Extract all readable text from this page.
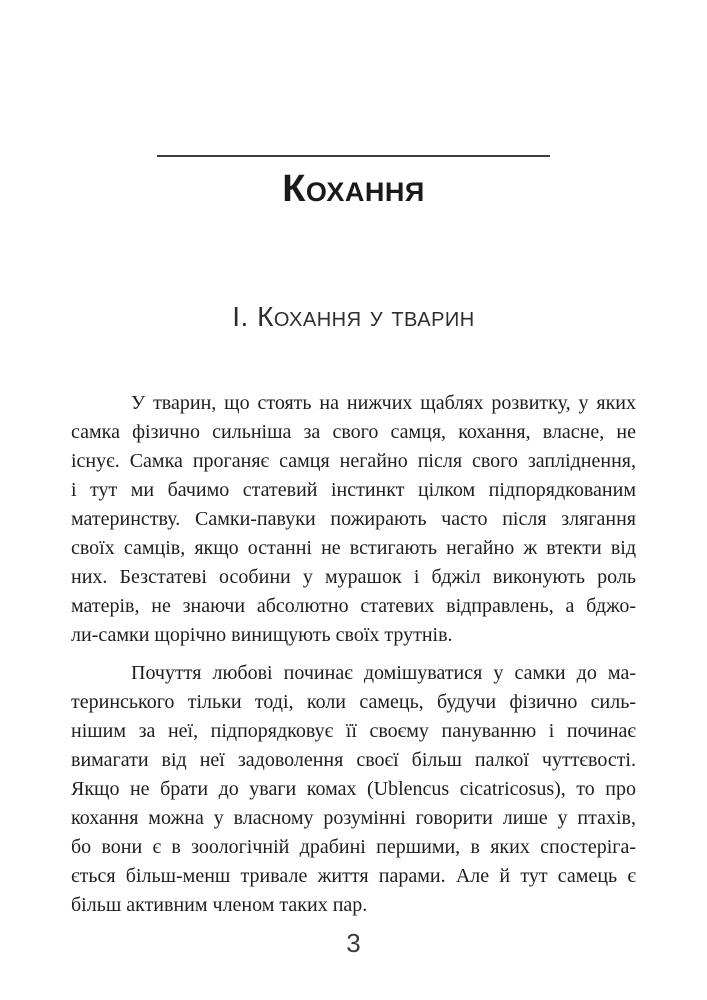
Кохання
І. Кохання у тварин
У тварин, що стоять на нижчих щаблях розвитку, у яких
самка фізично сильніша за свого самця, кохання, власне, не
існує. Самка проганяє самця негайно після свого запліднення,
і тут ми бачимо статевий інстинкт цілком підпорядкованим
материнству. Самки-павуки пожирають часто після злягання
своїх самців, якщо останні не встигають негайно ж втекти від
них. Безстатеві особини у мурашок і бджіл виконують роль
матерів, не знаючи абсолютно статевих відправлень, а бджо-
ли-самки щорічно винищують своїх трутнів.
Почуття любові починає домішуватися у самки до ма-
теринського тільки тоді, коли самець, будучи фізично силь-
нішим за неї, підпорядковує її своєму пануванню і починає
вимагати від неї задоволення своєї більш палкої чуттєвості.
Якщо не брати до уваги комах (Ublencus cicatricosus), то про
кохання можна у власному розумінні говорити лише у птахів,
бо вони є в зоологічній драбині першими, в яких спостеріга-
ється більш-менш тривале життя парами. Але й тут самець є
більш активним членом таких пар.
3
